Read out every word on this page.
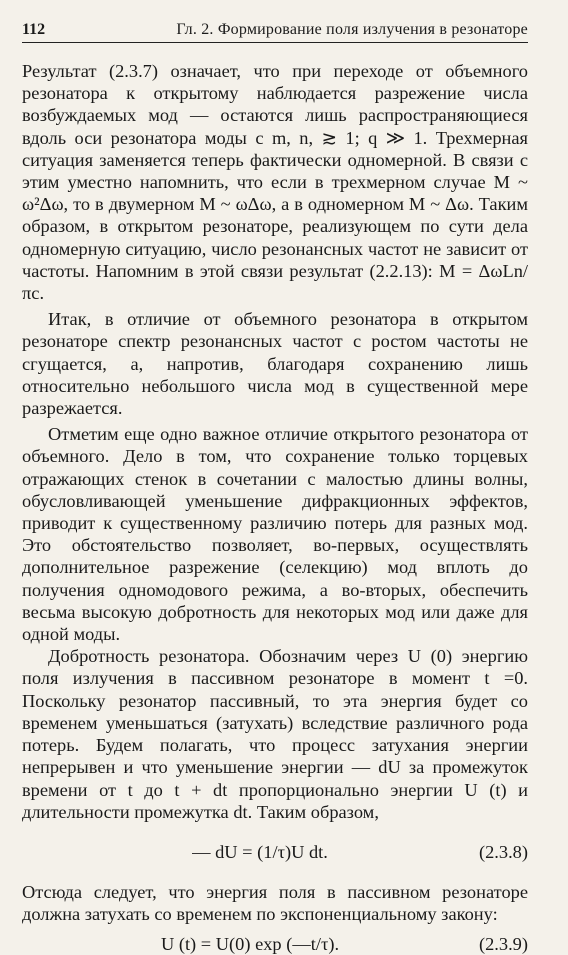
112	Гл. 2. Формирование поля излучения в резонаторе

Результат (2.3.7) означает, что при переходе от объемного резонатора к открытому наблюдается разрежение числа возбуждаемых мод — остаются лишь распространяющиеся вдоль оси резонатора моды с m, n, ≳ 1; q ≫ 1. Трехмерная ситуация заменяется теперь фактически одномерной. В связи с этим уместно напомнить, что если в трехмерном случае M ~ ω²Δω, то в двумерном M ~ ωΔω, а в одномерном M ~ Δω. Таким образом, в открытом резонаторе, реализующем по сути дела одномерную ситуацию, число резонансных частот не зависит от частоты. Напомним в этой связи результат (2.2.13): M = ΔωLn/πc.

Итак, в отличие от объемного резонатора в открытом резонаторе спектр резонансных частот с ростом частоты не сгущается, а, напротив, благодаря сохранению лишь относительно небольшого числа мод в существенной мере разрежается.

Отметим еще одно важное отличие открытого резонатора от объемного. Дело в том, что сохранение только торцевых отражающих стенок в сочетании с малостью длины волны, обусловливающей уменьшение дифракционных эффектов, приводит к существенному различию потерь для разных мод. Это обстоятельство позволяет, во-первых, осуществлять дополнительное разрежение (селекцию) мод вплоть до получения одномодового режима, а во-вторых, обеспечить весьма высокую добротность для некоторых мод или даже для одной моды.

Добротность резонатора. Обозначим через U (0) энергию поля излучения в пассивном резонаторе в момент t =0. Поскольку резонатор пассивный, то эта энергия будет со временем уменьшаться (затухать) вследствие различного рода потерь. Будем полагать, что процесс затухания энергии непрерывен и что уменьшение энергии — dU за промежуток времени от t до t + dt пропорционально энергии U (t) и длительности промежутка dt. Таким образом,

— dU = (1/τ)U dt.	(2.3.8)

Отсюда следует, что энергия поля в пассивном резонаторе должна затухать со временем по экспоненциальному закону:

U (t) = U(0) exp (—t/τ).	(2.3.9)
